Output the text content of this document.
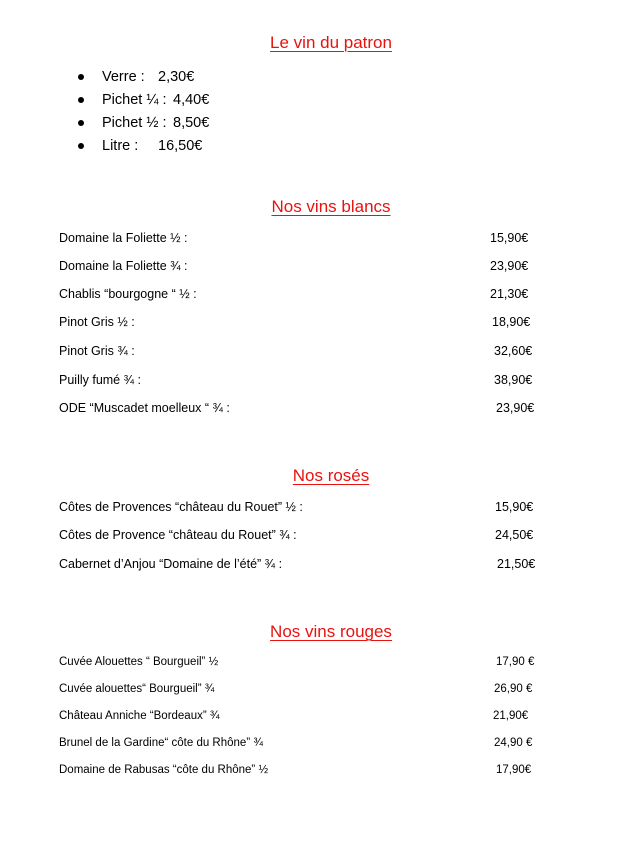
Le vin du patron
Verre : 2,30€
Pichet ¼ : 4,40€
Pichet ½ : 8,50€
Litre : 16,50€
Nos vins blancs
Domaine la Foliette ½ :	15,90€
Domaine la Foliette ¾ :	23,90€
Chablis “bourgogne “ ½ :	21,30€
Pinot Gris ½ :	18,90€
Pinot Gris ¾ :	32,60€
Puilly fumé ¾ :	38,90€
ODE “Muscadet moelleux “ ¾ :	23,90€
Nos rosés
Côtes de Provences “château du Rouet” ½ :	15,90€
Côtes de Provence “château du Rouet” ¾ :	24,50€
Cabernet d’Anjou “Domaine de l’été” ¾ :	21,50€
Nos vins rouges
Cuvée Alouettes “ Bourgueil” ½	17,90 €
Cuvée alouettes“ Bourgueil” ¾	26,90 €
Château Anniche “Bordeaux” ¾	21,90€
Brunel de la Gardine“ côte du Rhône” ¾	24,90 €
Domaine de Rabusas “côte du Rhône” ½	17,90€
